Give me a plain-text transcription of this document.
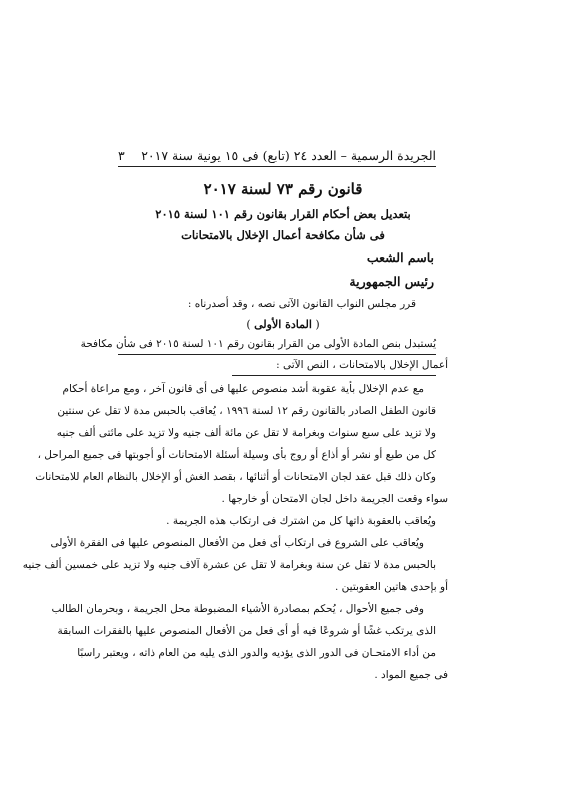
الجريدة الرسمية – العدد ٢٤ (تابع) فى ١٥ يونية سنة ٢٠١٧
٣
قانون رقم ٧٣ لسنة ٢٠١٧
بتعديل بعض أحكام القرار بقانون رقم ١٠١ لسنة ٢٠١٥
فى شأن مكافحة أعمال الإخلال بالامتحانات
باسم الشعب
رئيس الجمهورية
قرر مجلس النواب القانون الآتى نصه ، وقد أصدرناه :
( المادة الأولى )
يُستبدل بنص المادة الأولى من القرار بقانون رقم ١٠١ لسنة ٢٠١٥ فى شأن مكافحة
أعمال الإخلال بالامتحانات ، النص الآتى :
مع عدم الإخلال بأية عقوبة أشد منصوص عليها فى أى قانون آخر ، ومع مراعاة أحكام
قانون الطفل الصادر بالقانون رقم ١٢ لسنة ١٩٩٦ ، يُعاقب بالحبس مدة لا تقل عن سنتين
ولا تزيد على سبع سنوات وبغرامة لا تقل عن مائة ألف جنيه ولا تزيد على مائتى ألف جنيه
كل من طبع أو نشر أو أذاع أو روج بأى وسيلة أسئلة الامتحانات أو أجوبتها فى جميع المراحل ،
وكان ذلك قبل عقد لجان الامتحانات أو أثنائها ، بقصد الغش أو الإخلال بالنظام العام للامتحانات
سواء وقعت الجريمة داخل لجان الامتحان أو خارجها .
ويُعاقب بالعقوبة ذاتها كل من اشترك فى ارتكاب هذه الجريمة .
ويُعاقب على الشروع فى ارتكاب أى فعل من الأفعال المنصوص عليها فى الفقرة الأولى
بالحبس مدة لا تقل عن سنة وبغرامة لا تقل عن عشرة آلاف جنيه ولا تزيد على خمسين ألف جنيه
أو بإحدى هاتين العقوبتين .
وفى جميع الأحوال ، يُحكم بمصادرة الأشياء المضبوطة محل الجريمة ، وبحرمان الطالب
الذى يرتكب غشًا أو شروعًا فيه أو أى فعل من الأفعال المنصوص عليها بالفقرات السابقة
من أداء الامتحـان فى الدور الذى يؤديه والدور الذى يليه من العام ذاته ، ويعتبر راسبًا
فى جميع المواد .
